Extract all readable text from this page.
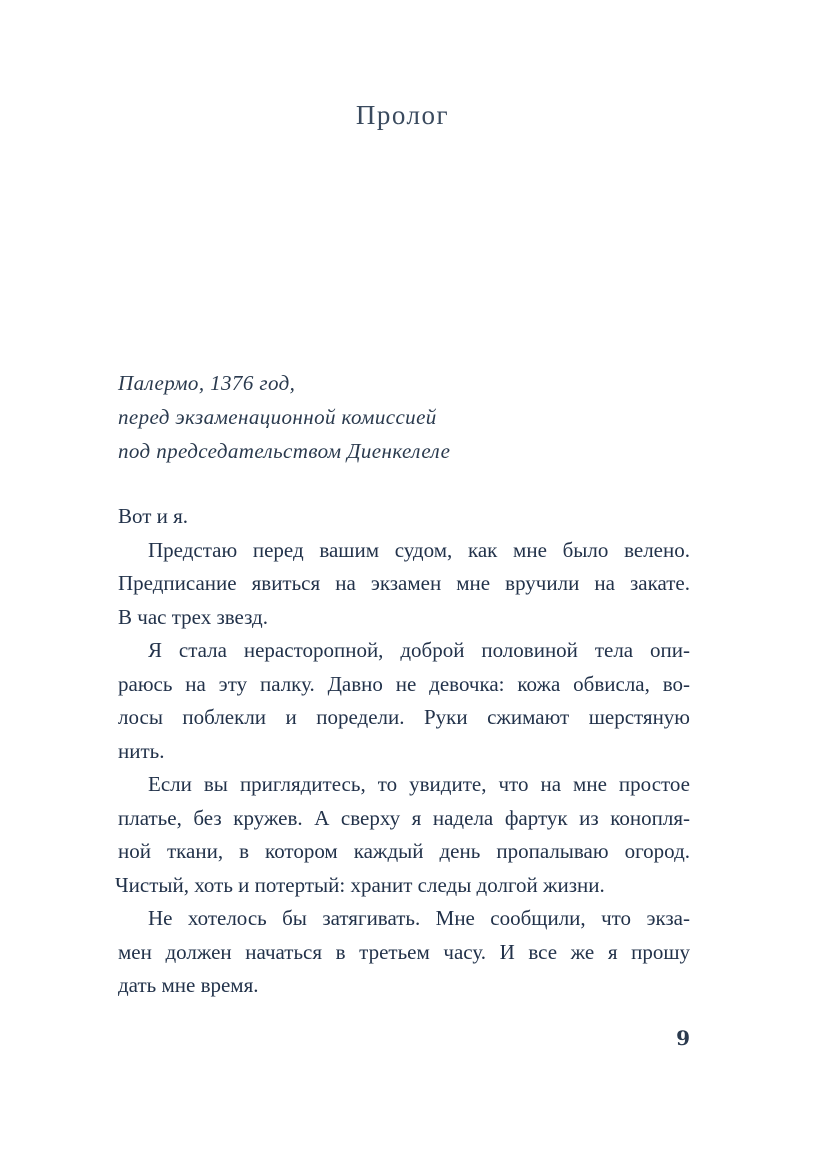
Пролог
Палермо, 1376 год,
перед экзаменационной комиссией
под председательством Диенкелеле
Вот и я.
Предстаю перед вашим судом, как мне было велено.
Предписание явиться на экзамен мне вручили на закате.
В час трех звезд.
Я стала нерасторопной, доброй половиной тела опи-
раюсь на эту палку. Давно не девочка: кожа обвисла, во-
лосы поблекли и поредели. Руки сжимают шерстяную
нить.
Если вы приглядитесь, то увидите, что на мне простое
платье, без кружев. А сверху я надела фартук из конопля-
ной ткани, в котором каждый день пропалываю огород.
Чистый, хоть и потертый: хранит следы долгой жизни.
Не хотелось бы затягивать. Мне сообщили, что экза-
мен должен начаться в третьем часу. И все же я прошу
дать мне время.
9
